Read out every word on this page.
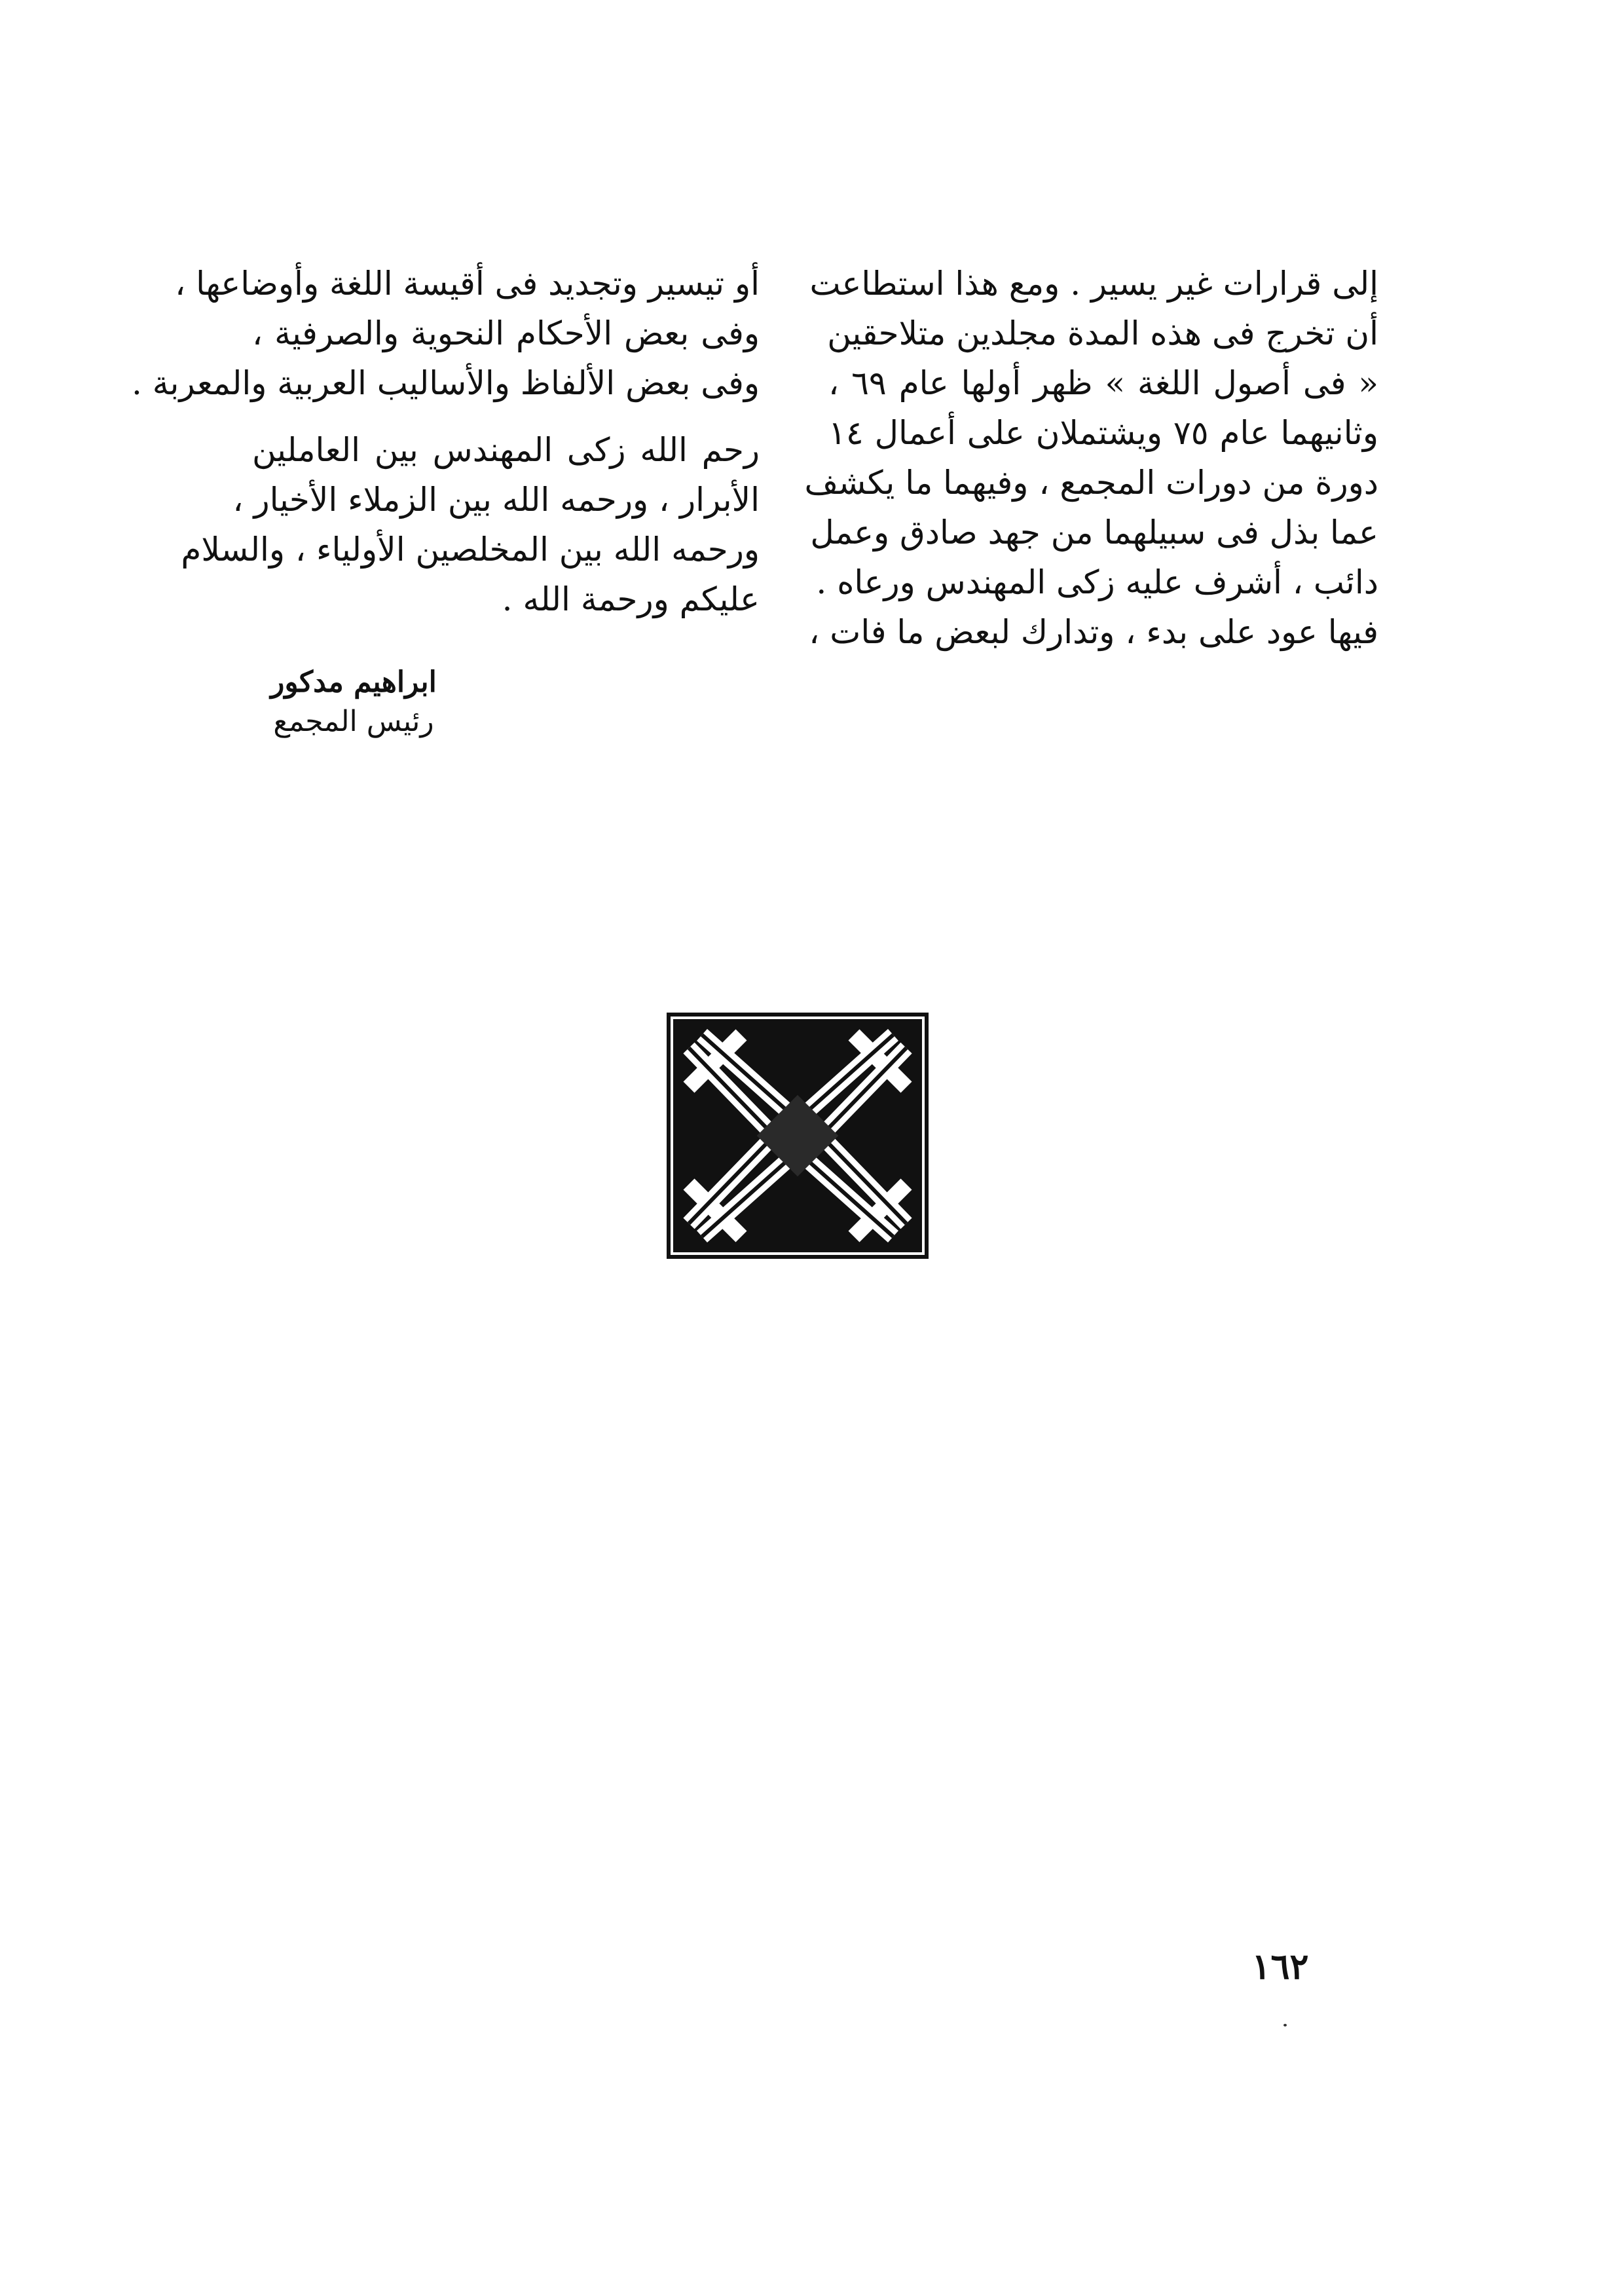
إلى قرارات غير يسير . ومع هذا استطاعت
أن تخرج فى هذه المدة مجلدين متلاحقين
« فى أصول اللغة » ظهر أولها عام ٦٩ ،
وثانيهما عام ٧٥ ويشتملان على أعمال ١٤
دورة من دورات المجمع ، وفيهما ما يكشف
عما بذل فى سبيلهما من جهد صادق وعمل
دائب ، أشرف عليه زكى المهندس ورعاه .
فيها عود على بدء ، وتدارك لبعض ما فات ،
أو تيسير وتجديد فى أقيسة اللغة وأوضاعها ،
وفى بعض الأحكام النحوية والصرفية ،
وفى بعض الألفاظ والأساليب العربية والمعربة .
رحم الله زكى المهندس بين العاملين
الأبرار ، ورحمه الله بين الزملاء الأخيار ،
ورحمه الله بين المخلصين الأولياء ، والسلام
عليكم ورحمة الله .
ابراهيم مدكور
رئيس المجمع
١٦٢
